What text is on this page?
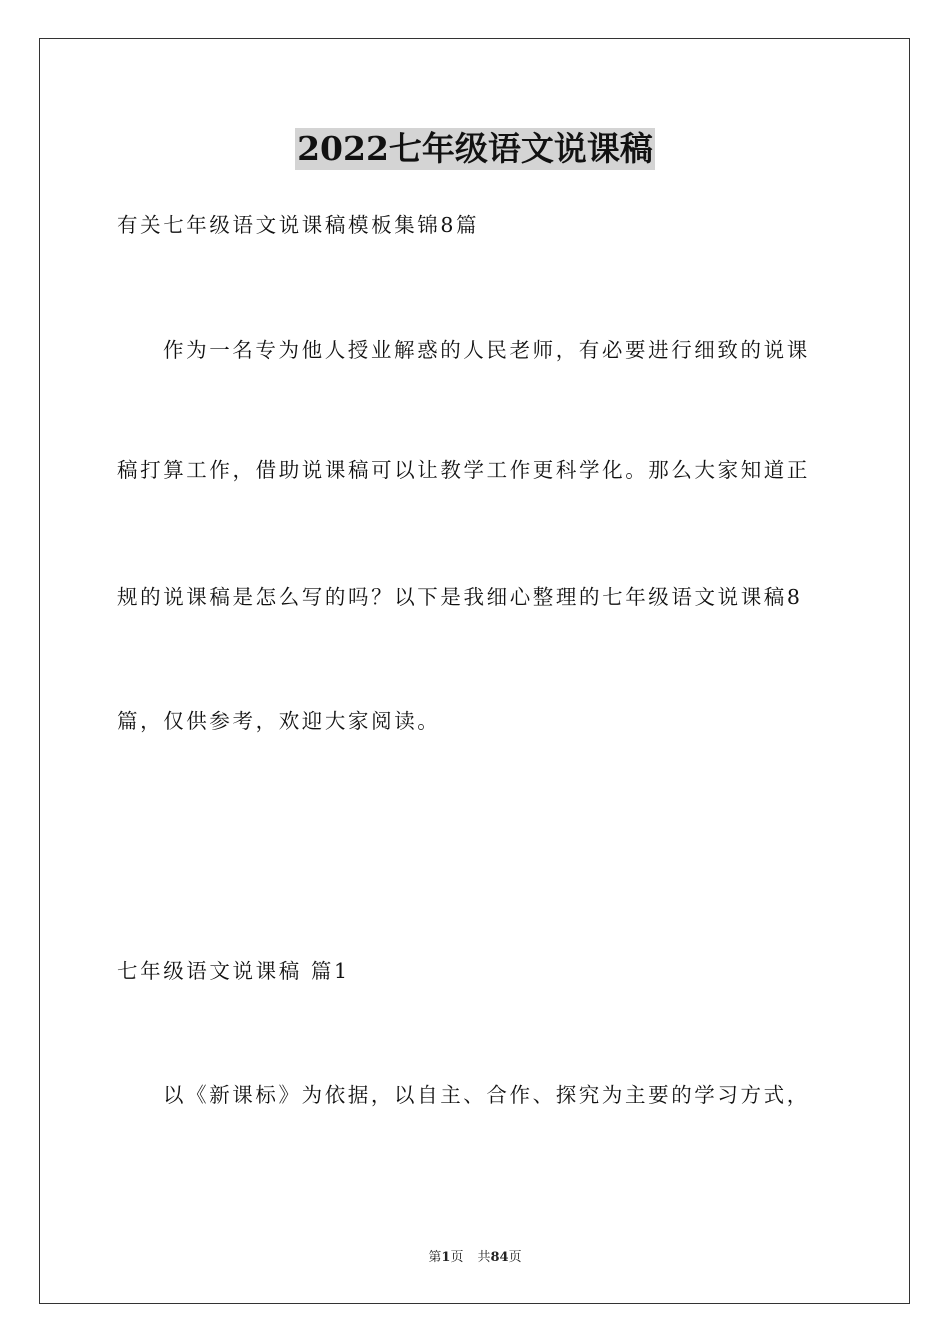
2022七年级语文说课稿
有关七年级语文说课稿模板集锦8篇
作为一名专为他人授业解惑的人民老师，有必要进行细致的说课
稿打算工作，借助说课稿可以让教学工作更科学化。那么大家知道正
规的说课稿是怎么写的吗？以下是我细心整理的七年级语文说课稿8
篇，仅供参考，欢迎大家阅读。
七年级语文说课稿 篇1
以《新课标》为依据，以自主、合作、探究为主要的学习方式，
第1页 共84页
